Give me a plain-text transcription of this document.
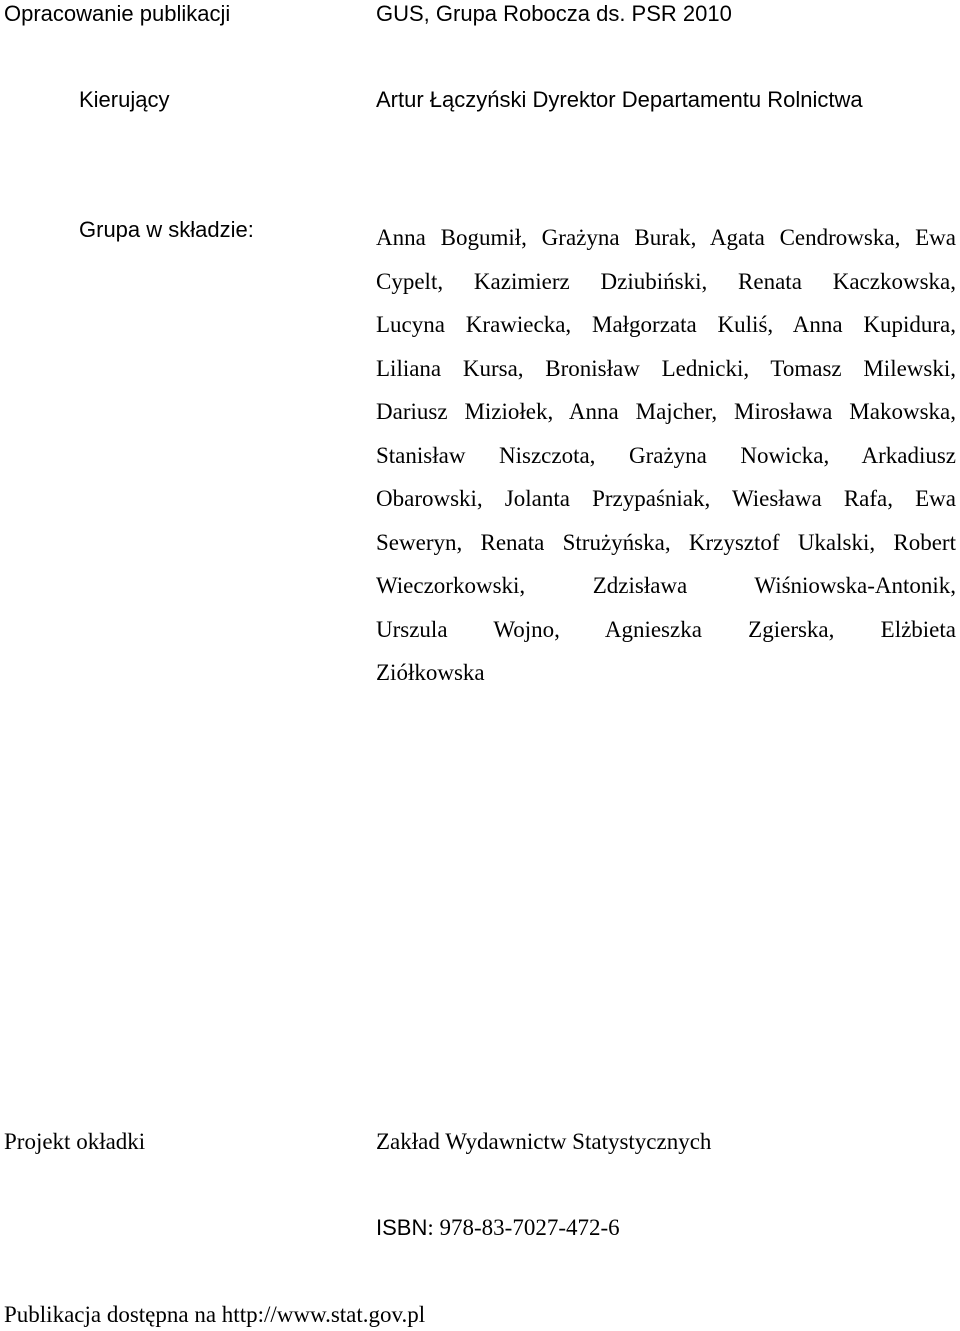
Opracowanie publikacji	GUS, Grupa Robocza ds. PSR 2010
Kierujący	Artur Łączyński Dyrektor Departamentu Rolnictwa
Grupa w składzie:	Anna Bogumił, Grażyna Burak, Agata Cendrowska, Ewa
Cypelt, Kazimierz Dziubiński, Renata Kaczkowska,
Lucyna Krawiecka, Małgorzata Kuliś, Anna Kupidura,
Liliana Kursa, Bronisław Lednicki, Tomasz Milewski,
Dariusz Miziołek, Anna Majcher, Mirosława Makowska,
Stanisław Niszczota, Grażyna Nowicka, Arkadiusz
Obarowski, Jolanta Przypaśniak, Wiesława Rafa, Ewa
Seweryn, Renata Strużyńska, Krzysztof Ukalski, Robert
Wieczorkowski, Zdzisława Wiśniowska-Antonik,
Urszula Wojno, Agnieszka Zgierska, Elżbieta
Ziółkowska
Projekt okładki	Zakład Wydawnictw Statystycznych
ISBN: 978-83-7027-472-6
Publikacja dostępna na http://www.stat.gov.pl
